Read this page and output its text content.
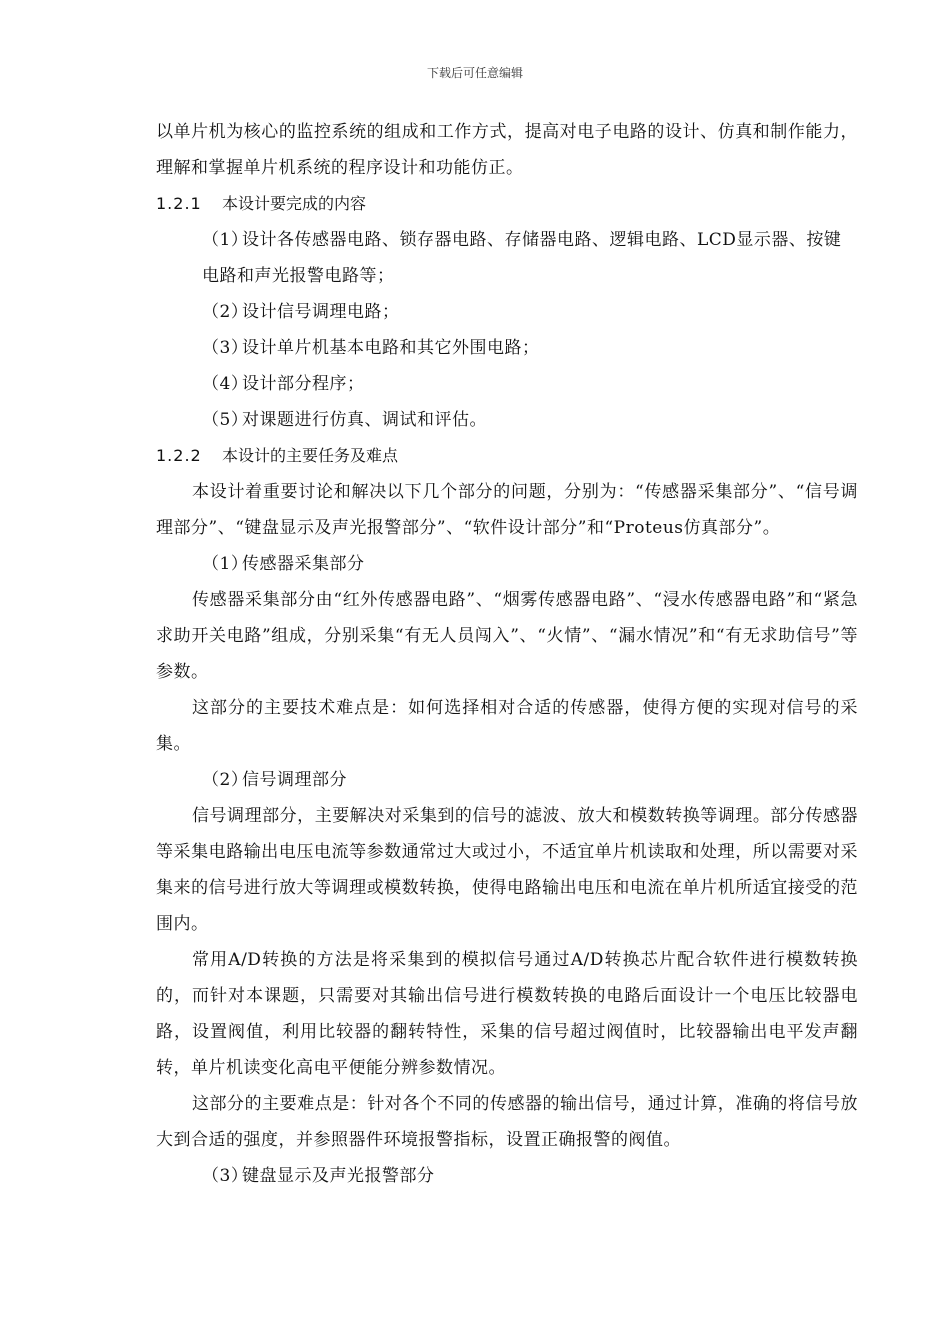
下载后可任意编辑

以单片机为核心的监控系统的组成和工作方式，提高对电子电路的设计、仿真和制作能力，理解和掌握单片机系统的程序设计和功能仿正。

1.2.1 本设计要完成的内容

（1）设计各传感器电路、锁存器电路、存储器电路、逻辑电路、LCD显示器、按键电路和声光报警电路等；

（2）设计信号调理电路；

（3）设计单片机基本电路和其它外围电路；

（4）设计部分程序；

（5）对课题进行仿真、调试和评估。

1.2.2 本设计的主要任务及难点

本设计着重要讨论和解决以下几个部分的问题，分别为：“传感器采集部分”、“信号调理部分”、“键盘显示及声光报警部分”、“软件设计部分”和“Proteus仿真部分”。

（1）传感器采集部分

传感器采集部分由“红外传感器电路”、“烟雾传感器电路”、“浸水传感器电路”和“紧急求助开关电路”组成，分别采集“有无人员闯入”、“火情”、“漏水情况”和“有无求助信号”等参数。

这部分的主要技术难点是：如何选择相对合适的传感器，使得方便的实现对信号的采集。

（2）信号调理部分

信号调理部分，主要解决对采集到的信号的滤波、放大和模数转换等调理。部分传感器等采集电路输出电压电流等参数通常过大或过小，不适宜单片机读取和处理，所以需要对采集来的信号进行放大等调理或模数转换，使得电路输出电压和电流在单片机所适宜接受的范围内。

常用A/D转换的方法是将采集到的模拟信号通过A/D转换芯片配合软件进行模数转换的，而针对本课题，只需要对其输出信号进行模数转换的电路后面设计一个电压比较器电路，设置阀值，利用比较器的翻转特性，采集的信号超过阀值时，比较器输出电平发声翻转，单片机读变化高电平便能分辨参数情况。

这部分的主要难点是：针对各个不同的传感器的输出信号，通过计算，准确的将信号放大到合适的强度，并参照器件环境报警指标，设置正确报警的阀值。

（3）键盘显示及声光报警部分
